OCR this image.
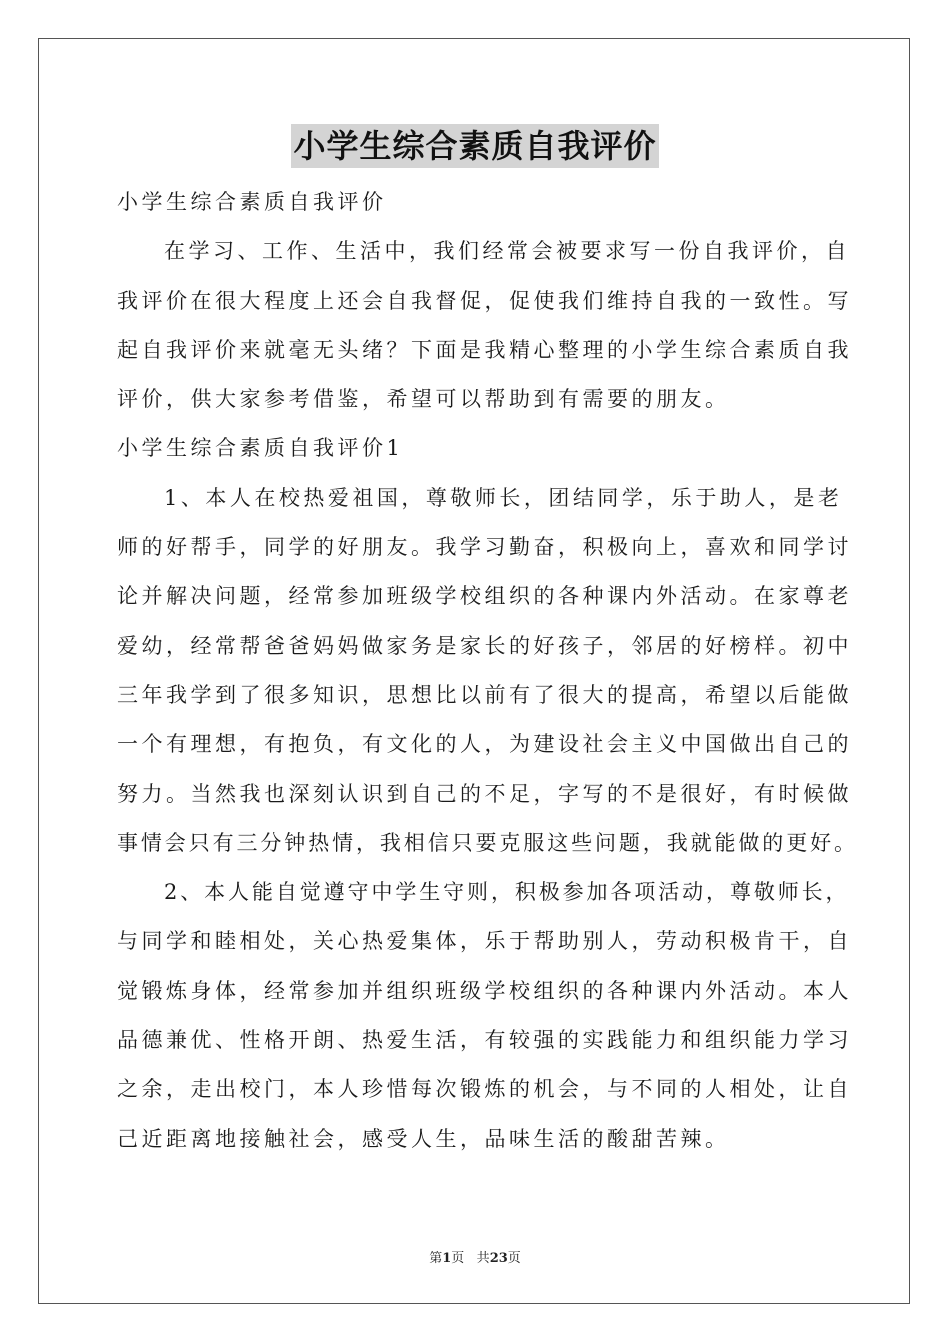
小学生综合素质自我评价
小学生综合素质自我评价
在学习、工作、生活中，我们经常会被要求写一份自我评价，自
我评价在很大程度上还会自我督促，促使我们维持自我的一致性。写
起自我评价来就毫无头绪？下面是我精心整理的小学生综合素质自我
评价，供大家参考借鉴，希望可以帮助到有需要的朋友。
小学生综合素质自我评价1
1、本人在校热爱祖国，尊敬师长，团结同学，乐于助人，是老
师的好帮手，同学的好朋友。我学习勤奋，积极向上，喜欢和同学讨
论并解决问题，经常参加班级学校组织的各种课内外活动。在家尊老
爱幼，经常帮爸爸妈妈做家务是家长的好孩子，邻居的好榜样。初中
三年我学到了很多知识，思想比以前有了很大的提高，希望以后能做
一个有理想，有抱负，有文化的人，为建设社会主义中国做出自己的
努力。当然我也深刻认识到自己的不足，字写的不是很好，有时候做
事情会只有三分钟热情，我相信只要克服这些问题，我就能做的更好。
2、本人能自觉遵守中学生守则，积极参加各项活动，尊敬师长，
与同学和睦相处，关心热爱集体，乐于帮助别人，劳动积极肯干，自
觉锻炼身体，经常参加并组织班级学校组织的各种课内外活动。本人
品德兼优、性格开朗、热爱生活，有较强的实践能力和组织能力学习
之余，走出校门，本人珍惜每次锻炼的机会，与不同的人相处，让自
己近距离地接触社会，感受人生，品味生活的酸甜苦辣。
第1页 共23页
